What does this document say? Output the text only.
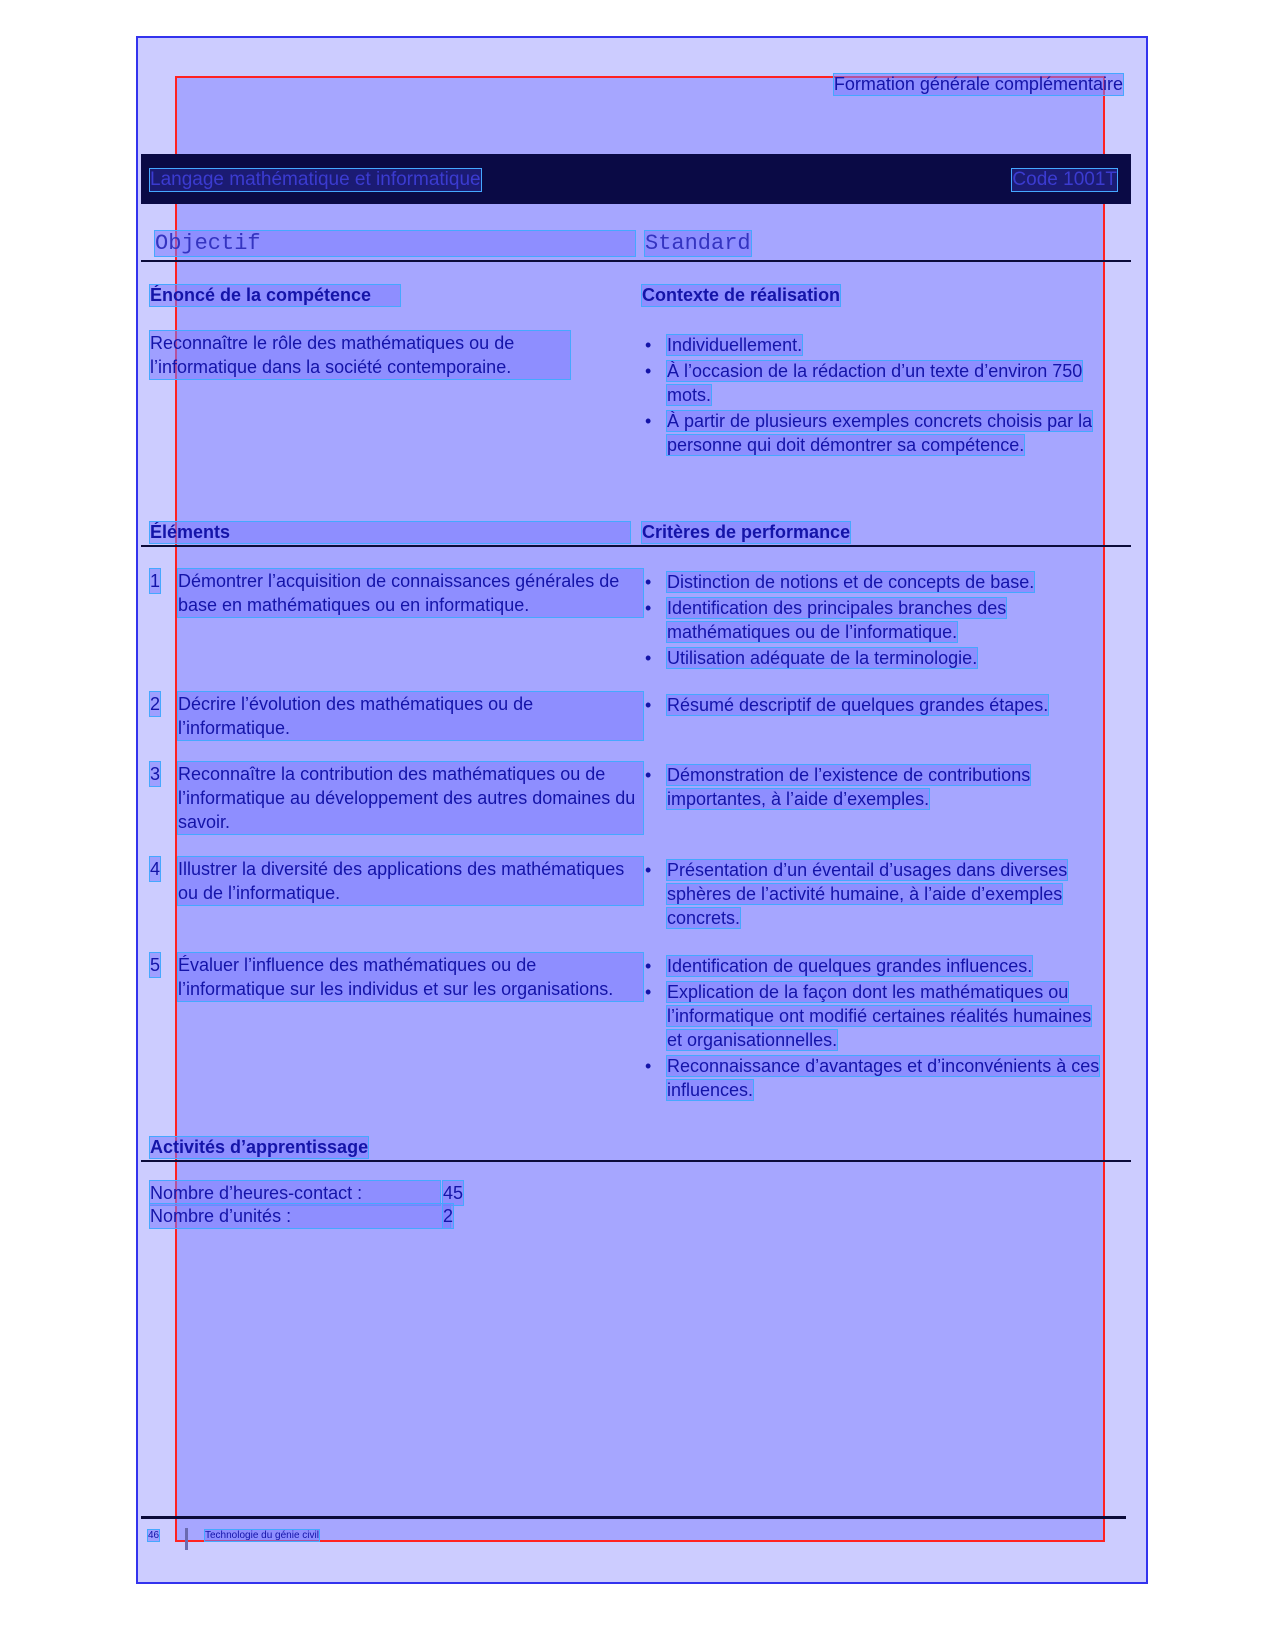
Formation générale complémentaire
Langage mathématique et informatique	Code 1001T
Objectif	Standard
Énoncé de la compétence	Contexte de réalisation
Reconnaître le rôle des mathématiques ou de l’informatique dans la société contemporaine.
• Individuellement.
• À l’occasion de la rédaction d’un texte d’environ 750 mots.
• À partir de plusieurs exemples concrets choisis par la personne qui doit démontrer sa compétence.
Éléments	Critères de performance
1 Démontrer l’acquisition de connaissances générales de base en mathématiques ou en informatique.
• Distinction de notions et de concepts de base.
• Identification des principales branches des mathématiques ou de l’informatique.
• Utilisation adéquate de la terminologie.
2 Décrire l’évolution des mathématiques ou de l’informatique.
• Résumé descriptif de quelques grandes étapes.
3 Reconnaître la contribution des mathématiques ou de l’informatique au développement des autres domaines du savoir.
• Démonstration de l’existence de contributions importantes, à l’aide d’exemples.
4 Illustrer la diversité des applications des mathématiques ou de l’informatique.
• Présentation d’un éventail d’usages dans diverses sphères de l’activité humaine, à l’aide d’exemples concrets.
5 Évaluer l’influence des mathématiques ou de l’informatique sur les individus et sur les organisations.
• Identification de quelques grandes influences.
• Explication de la façon dont les mathématiques ou l’informatique ont modifié certaines réalités humaines et organisationnelles.
• Reconnaissance d’avantages et d’inconvénients à ces influences.
Activités d’apprentissage
Nombre d’heures-contact :	45
Nombre d’unités :	2
46	Technologie du génie civil
